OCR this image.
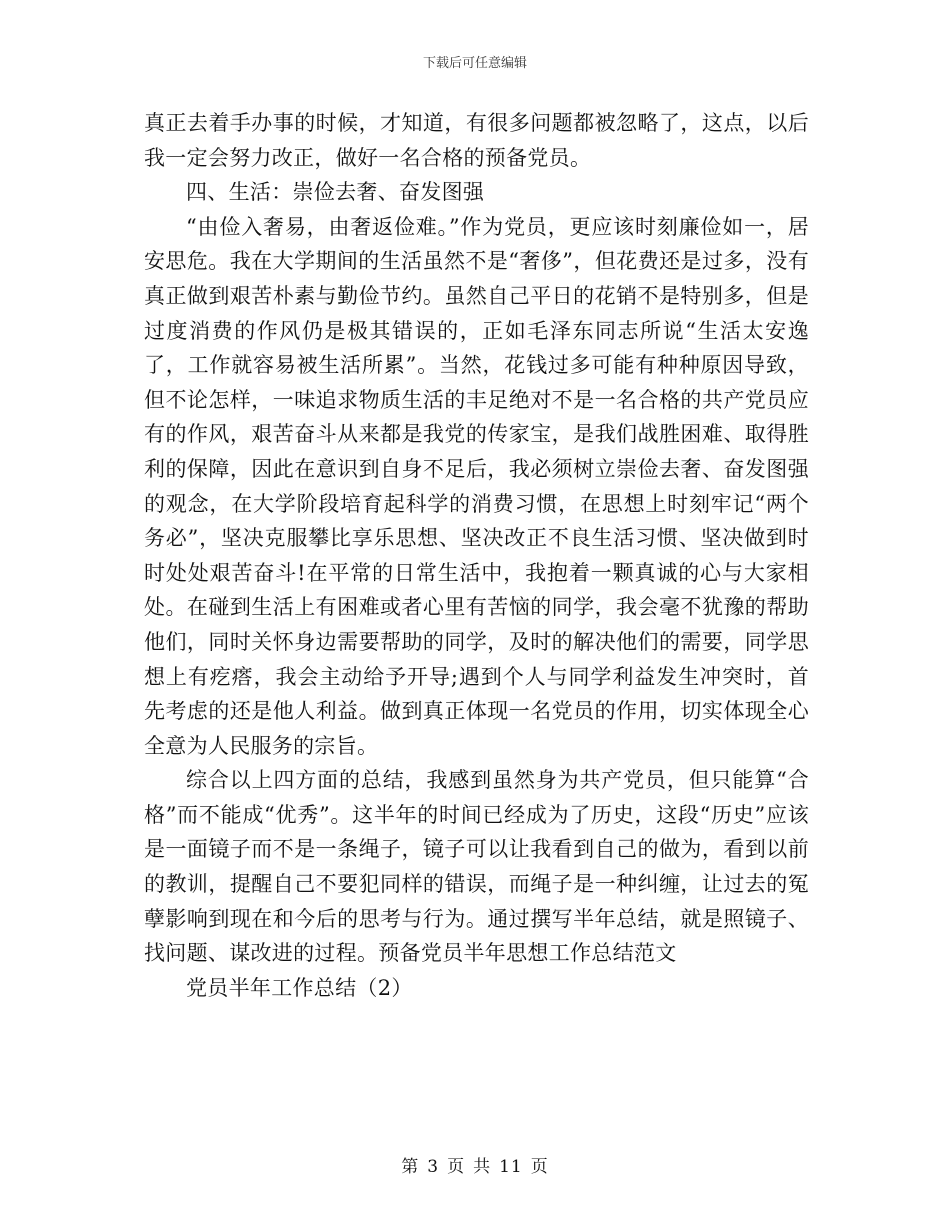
下载后可任意编辑

真正去着手办事的时候，才知道，有很多问题都被忽略了，这点，以后我一定会努力改正，做好一名合格的预备党员。

四、生活：崇俭去奢、奋发图强

“由俭入奢易，由奢返俭难。”作为党员，更应该时刻廉俭如一，居安思危。我在大学期间的生活虽然不是“奢侈”，但花费还是过多，没有真正做到艰苦朴素与勤俭节约。虽然自己平日的花销不是特别多，但是过度消费的作风仍是极其错误的，正如毛泽东同志所说“生活太安逸了，工作就容易被生活所累”。当然，花钱过多可能有种种原因导致，但不论怎样，一味追求物质生活的丰足绝对不是一名合格的共产党员应有的作风，艰苦奋斗从来都是我党的传家宝，是我们战胜困难、取得胜利的保障，因此在意识到自身不足后，我必须树立崇俭去奢、奋发图强的观念，在大学阶段培育起科学的消费习惯，在思想上时刻牢记“两个务必”，坚决克服攀比享乐思想、坚决改正不良生活习惯、坚决做到时时处处艰苦奋斗!在平常的日常生活中，我抱着一颗真诚的心与大家相处。在碰到生活上有困难或者心里有苦恼的同学，我会毫不犹豫的帮助他们，同时关怀身边需要帮助的同学，及时的解决他们的需要，同学思想上有疙瘩，我会主动给予开导;遇到个人与同学利益发生冲突时，首先考虑的还是他人利益。做到真正体现一名党员的作用，切实体现全心全意为人民服务的宗旨。

综合以上四方面的总结，我感到虽然身为共产党员，但只能算“合格”而不能成“优秀”。这半年的时间已经成为了历史，这段“历史”应该是一面镜子而不是一条绳子，镜子可以让我看到自己的做为，看到以前的教训，提醒自己不要犯同样的错误，而绳子是一种纠缠，让过去的冤孽影响到现在和今后的思考与行为。通过撰写半年总结，就是照镜子、找问题、谋改进的过程。预备党员半年思想工作总结范文

党员半年工作总结（2）

第 3 页 共 11 页
